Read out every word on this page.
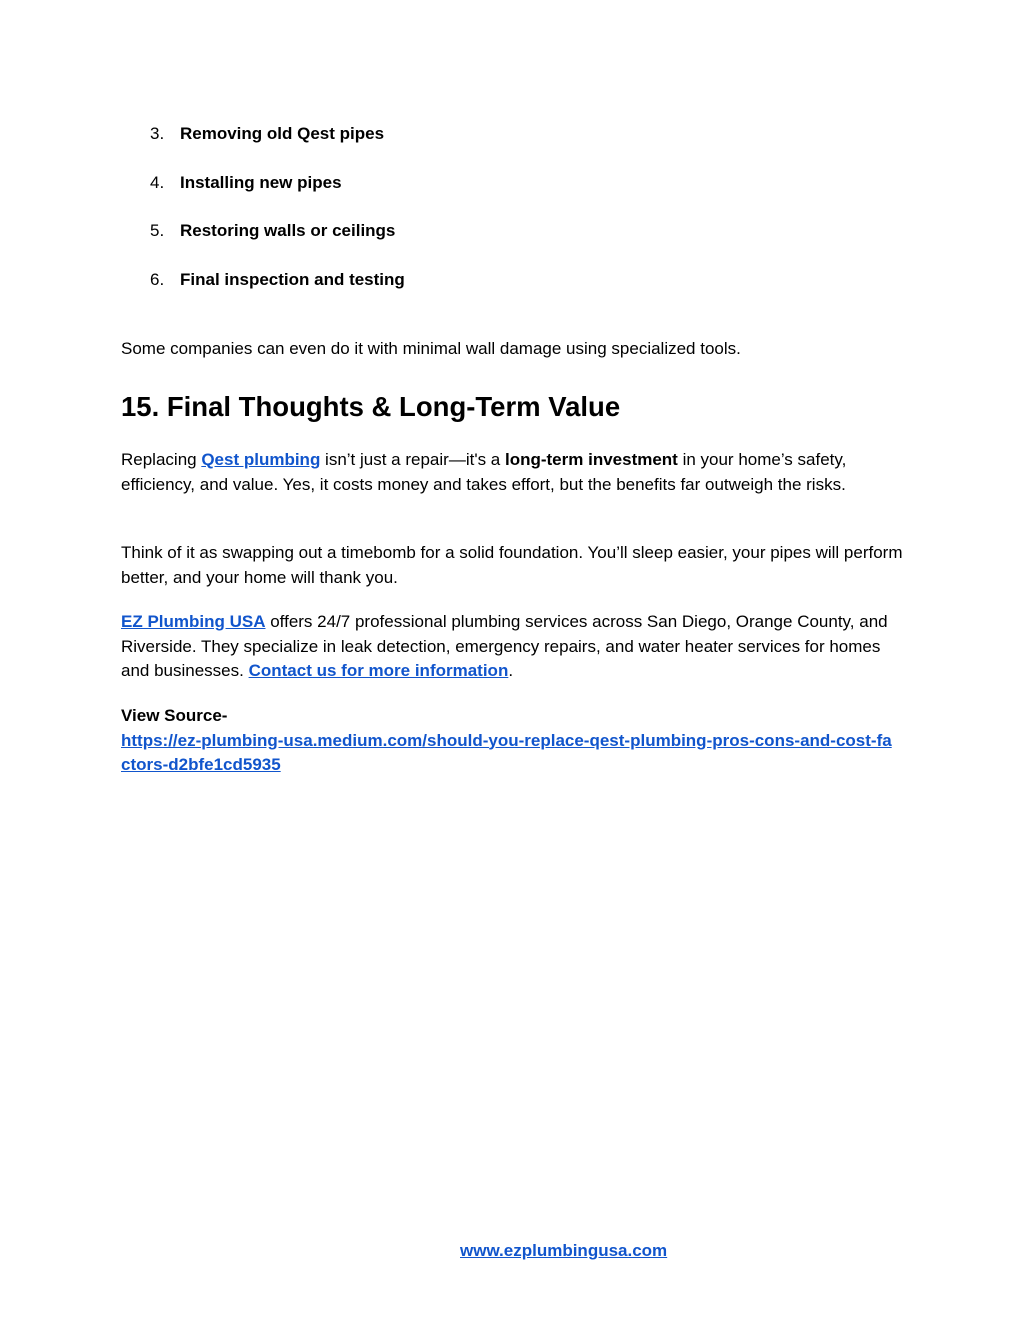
3. Removing old Qest pipes
4. Installing new pipes
5. Restoring walls or ceilings
6. Final inspection and testing

Some companies can even do it with minimal wall damage using specialized tools.

15. Final Thoughts & Long-Term Value

Replacing Qest plumbing isn’t just a repair—it's a long-term investment in your home’s safety, efficiency, and value. Yes, it costs money and takes effort, but the benefits far outweigh the risks.

Think of it as swapping out a timebomb for a solid foundation. You’ll sleep easier, your pipes will perform better, and your home will thank you.

EZ Plumbing USA offers 24/7 professional plumbing services across San Diego, Orange County, and Riverside. They specialize in leak detection, emergency repairs, and water heater services for homes and businesses. Contact us for more information.

View Source-
https://ez-plumbing-usa.medium.com/should-you-replace-qest-plumbing-pros-cons-and-cost-factors-d2bfe1cd5935

www.ezplumbingusa.com
